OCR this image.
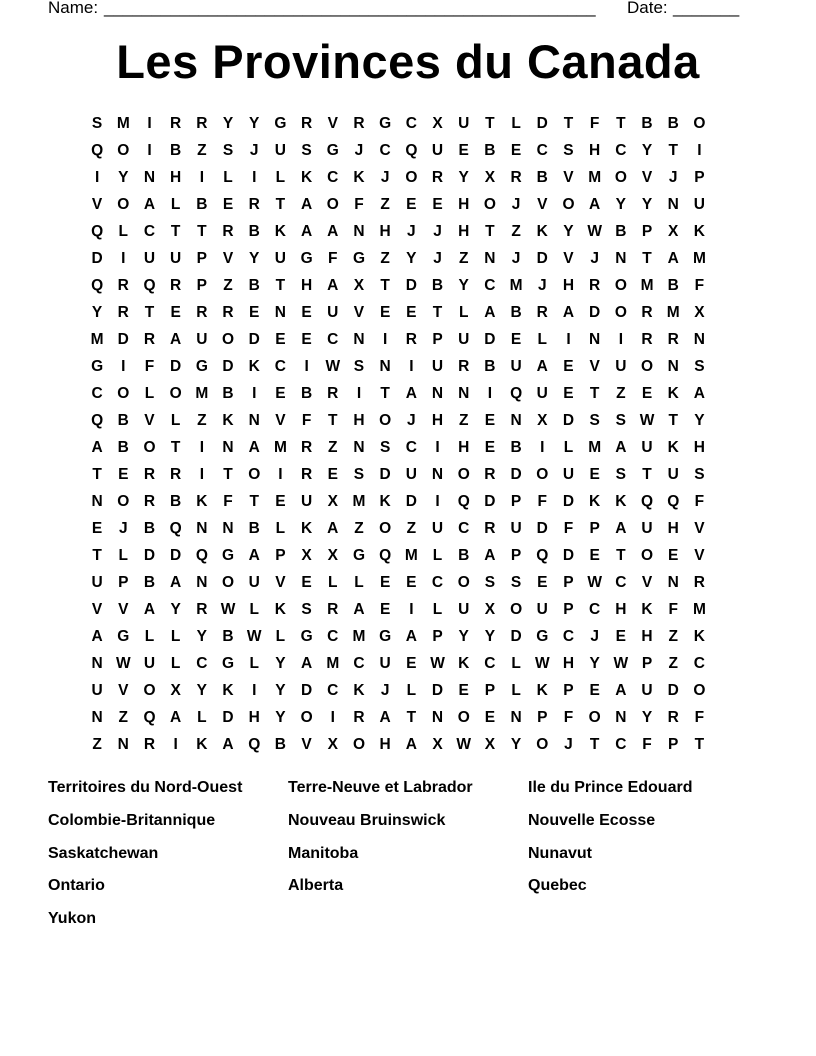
Name: ____________________________________________________ Date: _______
Les Provinces du Canada
S M I R R Y Y G R V R G C X U T L D T F T B B O
Q O I B Z S J U S G J C Q U E B E C S H C Y T I
I Y N H I L I L K C K J O R Y X R B V M O V J P
V O A L B E R T A O F Z E E H O J V O A Y Y N U
Q L C T T R B K A A N H J J H T Z K Y W B P X K
D I U U P V Y U G F G Z Y J Z N J D V J N T A M
Q R Q R P Z B T H A X T D B Y C M J H R O M B F
Y R T E R R E N E U V E E T L A B R A D O R M X
M D R A U O D E E C N I R P U D E L I N I R R N
G I F D G D K C I W S N I U R B U A E V U O N S
C O L O M B I E B R I T A N N I Q U E T Z E K A
Q B V L Z K N V F T H O J H Z E N X D S S W T Y
A B O T I N A M R Z N S C I H E B I L M A U K H
T E R R I T O I R E S D U N O R D O U E S T U S
N O R B K F T E U X M K D I Q D P F D K K Q Q F
E J B Q N N B L K A Z O Z U C R U D F P A U H V
T L D D Q G A P X X G Q M L B A P Q D E T O E V
U P B A N O U V E L L E E C O S S E P W C V N R
V V A Y R W L K S R A E I L U X O U P C H K F M
A G L L Y B W L G C M G A P Y Y D G C J E H Z K
N W U L C G L Y A M C U E W K C L W H Y W P Z C
U V O X Y K I Y D C K J L D E P L K P E A U D O
N Z Q A L D H Y O I R A T N O E N P F O N Y R F
Z N R I K A Q B V X O H A X W X Y O J T C F P T
Territoires du Nord-Ouest	Terre-Neuve et Labrador	Ile du Prince Edouard
Colombie-Britannique	Nouveau Bruinswick	Nouvelle Ecosse
Saskatchewan	Manitoba	Nunavut
Ontario	Alberta	Quebec
Yukon
